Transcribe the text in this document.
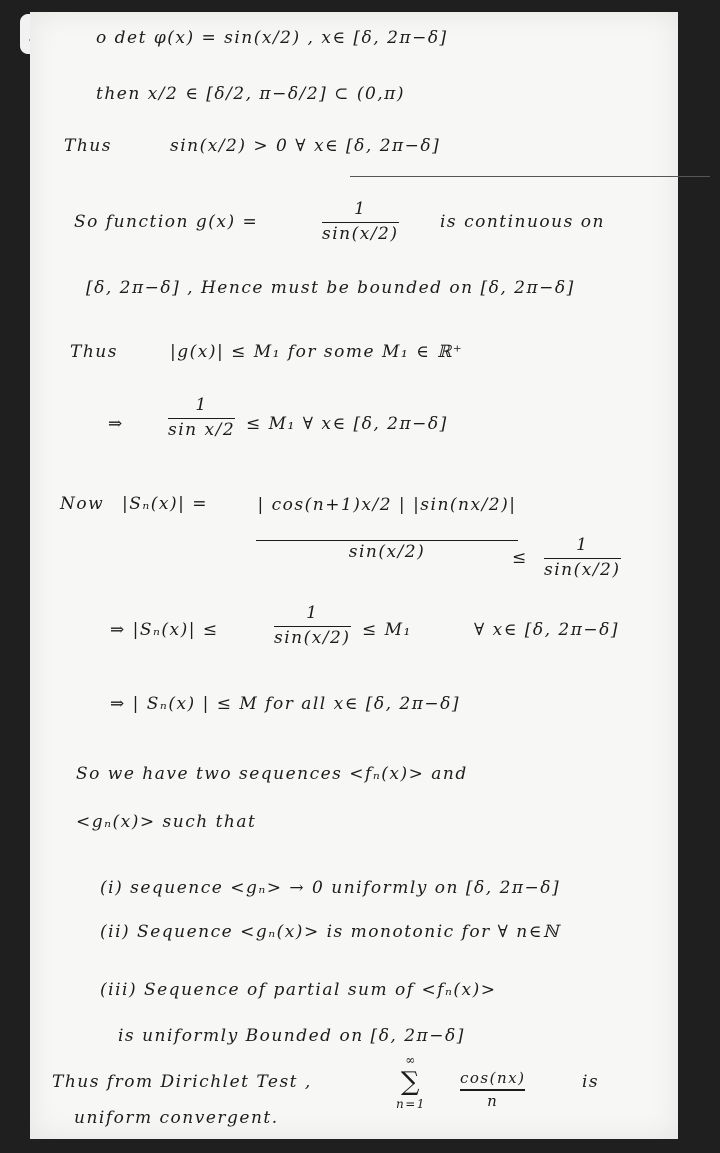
o det φ(x) = sin(x/2) , x∈ [δ, 2π−δ]
then x/2 ∈ [δ/2, π−δ/2] ⊂ (0,π)
Thus	sin(x/2) > 0 ∀ x∈ [δ, 2π−δ]
So function g(x) =
1
sin(x/2)
is continuous on
[δ, 2π−δ] , Hence must be bounded on [δ, 2π−δ]
Thus	|g(x)| ≤ M₁ for some M₁ ∈ ℝ⁺
⇒
1
sin x/2 ≤ M₁ ∀ x∈ [δ, 2π−δ]
Now |Sₙ(x)| =	| cos(n+1)x/2 | |sin(nx/2)|
sin(x/2)	≤
1
sin(x/2)
⇒ |Sₙ(x)| ≤
1
sin(x/2) ≤ M₁	∀ x∈ [δ, 2π−δ]
⇒ | Sₙ(x) | ≤ M for all x∈ [δ, 2π−δ]
So we have two sequences <fₙ(x)> and
<gₙ(x)> such that
(i) sequence <gₙ> → 0 uniformly on [δ, 2π−δ]
(ii) Sequence <gₙ(x)> is monotonic for ∀ n∈ℕ
(iii) Sequence of partial sum of <fₙ(x)>
is uniformly Bounded on [δ, 2π−δ]
Thus from Dirichlet Test ,
∞
∑
n=1
cos(nx)
n
is
uniform convergent.
